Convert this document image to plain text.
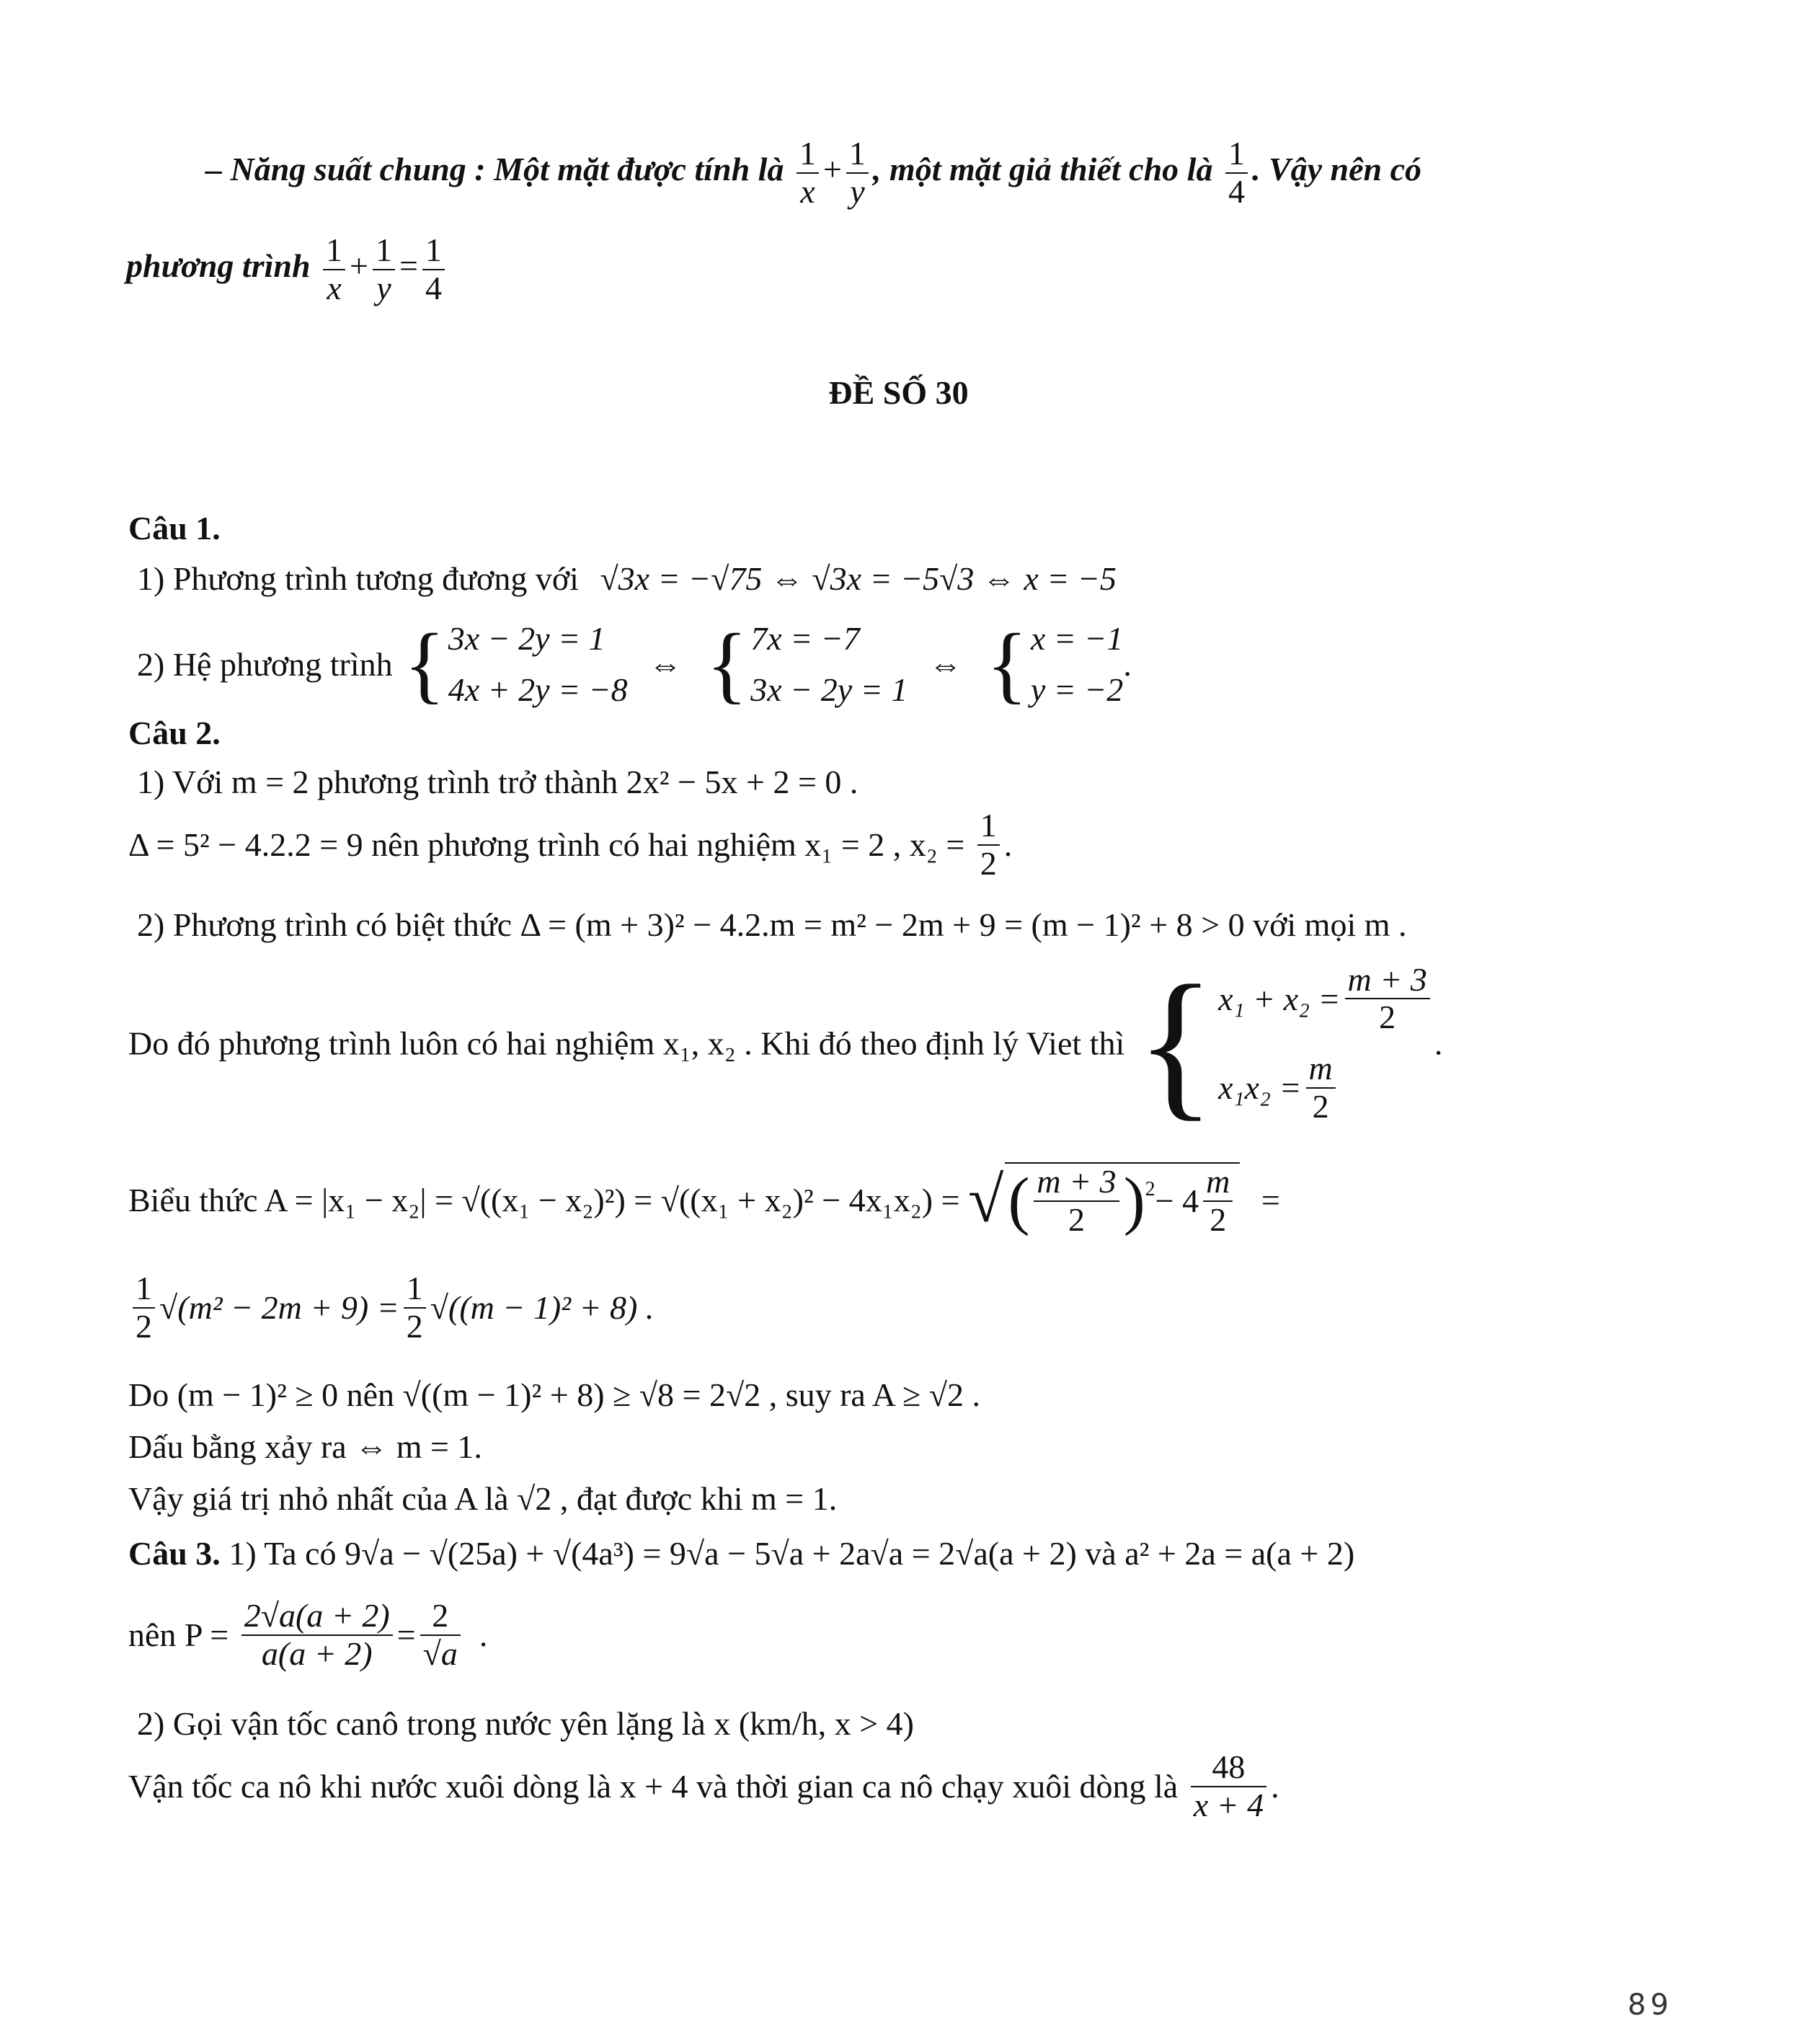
– Năng suất chung : Một mặt được tính là $\frac{1}{x} + \frac{1}{y}$ , một mặt giả thiết cho là $\frac{1}{4}$ . Vậy nên có
phương trình $\frac{1}{x} + \frac{1}{y} = \frac{1}{4}$
ĐỀ SỐ 30
Câu 1.
1) Phương trình tương đương với √3x = −√75 ⇔ √3x = −5√3 ⇔ x = −5
2) Hệ phương trình { 3x − 2y = 1
4x + 2y = −8
⇔ { 7x = −7
3x − 2y = 1
⇔ { x = −1
y = −2
.
Câu 2.
1) Với m = 2 phương trình trở thành 2x² − 5x + 2 = 0 .
Δ = 5² − 4.2.2 = 9 nên phương trình có hai nghiệm x₁ = 2 , $x_2 = \frac{1}{2}$ .
2) Phương trình có biệt thức Δ = (m + 3)² − 4.2.m = m² − 2m + 9 = (m − 1)² + 8 > 0 với mọi m .
Do đó phương trình luôn có hai nghiệm x₁, x₂ . Khi đó theo định lý Viet thì { $x_1 + x_2 = \frac{m + 3}{2}$
$x_1x_2 = \frac{m}{2}$
.
Biểu thức A = |x₁ − x₂| = √((x₁ − x₂)²) = √((x₁ + x₂)² − 4x₁x₂) = √( $\frac{m + 3}{2} )^2- 4 \frac{m}{2}$ =
$\frac{1}{2} √(m^2 - 2m + 9) = \frac{1}{2} √((m - 1)^2 + 8)$ .
Do (m − 1)² ≥ 0 nên √((m − 1)² + 8) ≥ √8 = 2√2 , suy ra A ≥ √2 .
Dấu bằng xảy ra ⇔ m = 1.
Vậy giá trị nhỏ nhất của A là √2 , đạt được khi m = 1.
Câu 3. 1) Ta có 9√a − √(25a) + √(4a³) = 9√a − 5√a + 2a√a = 2√a(a + 2) và a² + 2a = a(a + 2)
nên $P = \frac{2√a(a + 2)}{a(a + 2)} = \frac{2}{√a}$ .
2) Gọi vận tốc canô trong nước yên lặng là x (km/h, x > 4)
Vận tốc ca nô khi nước xuôi dòng là x + 4 và thời gian ca nô chạy xuôi dòng là $\frac{48}{x + 4}$ .
89
